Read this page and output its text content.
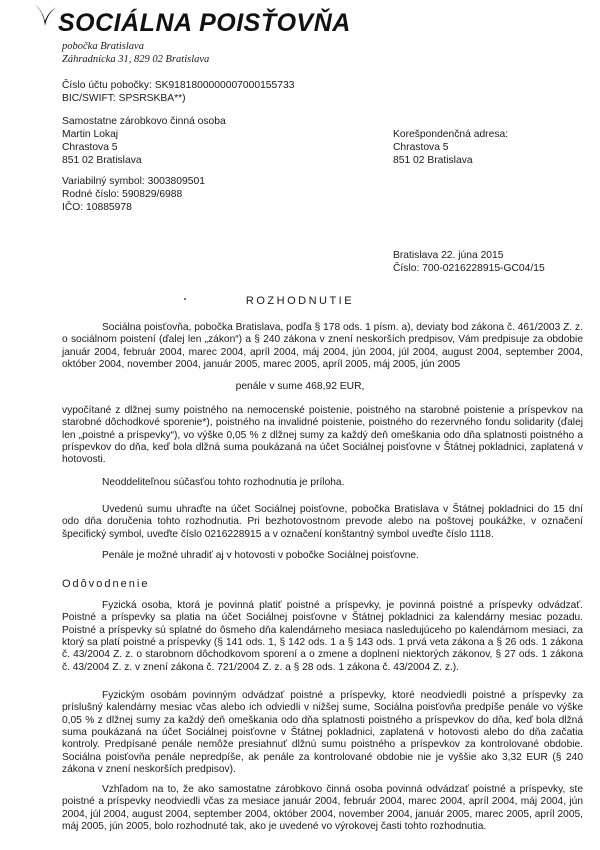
SOCIÁLNA POISŤOVŇA
pobočka Bratislava
Záhradnícka 31, 829 02 Bratislava
Číslo účtu pobočky: SK9181800000007000155733
BIC/SWIFT: SPSRSKBA**)
Samostatne zárobkovo činná osoba
Martin Lokaj
Chrastova 5
851 02 Bratislava
Korešpondenčná adresa:
Chrastova 5
851 02 Bratislava
Variabilný symbol: 3003809501
Rodné číslo: 590829/6988
IČO: 10885978
Bratislava 22. júna 2015
Číslo: 700-0216228915-GC04/15
ROZHODNUTIE
Sociálna poisťovňa, pobočka Bratislava, podľa § 178 ods. 1 písm. a), deviaty bod zákona č. 461/2003 Z. z. o sociálnom poistení (ďalej len „zákon“) a § 240 zákona v znení neskorších predpisov, Vám predpisuje za obdobie január 2004, február 2004, marec 2004, apríl 2004, máj 2004, jún 2004, júl 2004, august 2004, september 2004, október 2004, november 2004, január 2005, marec 2005, apríl 2005, máj 2005, jún 2005
penále v sume 468,92 EUR,
vypočítané z dlžnej sumy poistného na nemocenské poistenie, poistného na starobné poistenie a príspevkov na starobné dôchodkové sporenie*), poistného na invalidné poistenie, poistného do rezervného fondu solidarity (ďalej len „poistné a príspevky“), vo výške 0,05 % z dlžnej sumy za každý deň omeškania odo dňa splatnosti poistného a príspevkov do dňa, keď bola dlžná suma poukázaná na účet Sociálnej poisťovne v Štátnej pokladnici, zaplatená v hotovosti.
Neoddeliteľnou súčasťou tohto rozhodnutia je príloha.
Uvedenú sumu uhraďte na účet Sociálnej poisťovne, pobočka Bratislava v Štátnej pokladnici do 15 dní odo dňa doručenia tohto rozhodnutia. Pri bezhotovostnom prevode alebo na poštovej poukážke, v označení špecifický symbol, uveďte číslo 0216228915 a v označení konštantný symbol uveďte číslo 1118.
Penále je možné uhradiť aj v hotovosti v pobočke Sociálnej poisťovne.
Odôvodnenie
Fyzická osoba, ktorá je povinná platiť poistné a príspevky, je povinná poistné a príspevky odvádzať. Poistné a príspevky sa platia na účet Sociálnej poisťovne v Štátnej pokladnici za kalendárny mesiac pozadu. Poistné a príspevky sú splatné do ôsmeho dňa kalendárneho mesiaca nasledujúceho po kalendárnom mesiaci, za ktorý sa platí poistné a príspevky (§ 141 ods. 1, § 142 ods. 1 a § 143 ods. 1 prvá veta zákona a § 26 ods. 1 zákona č. 43/2004 Z. z. o starobnom dôchodkovom sporení a o zmene a doplnení niektorých zákonov, § 27 ods. 1 zákona č. 43/2004 Z. z. v znení zákona č. 721/2004 Z. z. a § 28 ods. 1 zákona č. 43/2004 Z. z.).
Fyzickým osobám povinným odvádzať poistné a príspevky, ktoré neodviedli poistné a príspevky za príslušný kalendárny mesiac včas alebo ich odviedli v nižšej sume, Sociálna poisťovňa predpíše penále vo výške 0,05 % z dlžnej sumy za každý deň omeškania odo dňa splatnosti poistného a príspevkov do dňa, keď bola dlžná suma poukázaná na účet Sociálnej poisťovne v Štátnej pokladnici, zaplatená v hotovosti alebo do dňa začatia kontroly. Predpísané penále nemôže presiahnuť dlžnú sumu poistného a príspevkov za kontrolované obdobie. Sociálna poisťovňa penále nepredpíše, ak penále za kontrolované obdobie nie je vyššie ako 3,32 EUR (§ 240 zákona v znení neskorších predpisov).
Vzhľadom na to, že ako samostatne zárobkovo činná osoba povinná odvádzať poistné a príspevky, ste poistné a príspevky neodviedli včas za mesiace január 2004, február 2004, marec 2004, apríl 2004, máj 2004, jún 2004, júl 2004, august 2004, september 2004, október 2004, november 2004, január 2005, marec 2005, apríl 2005, máj 2005, jún 2005, bolo rozhodnuté tak, ako je uvedené vo výrokovej časti tohto rozhodnutia.
